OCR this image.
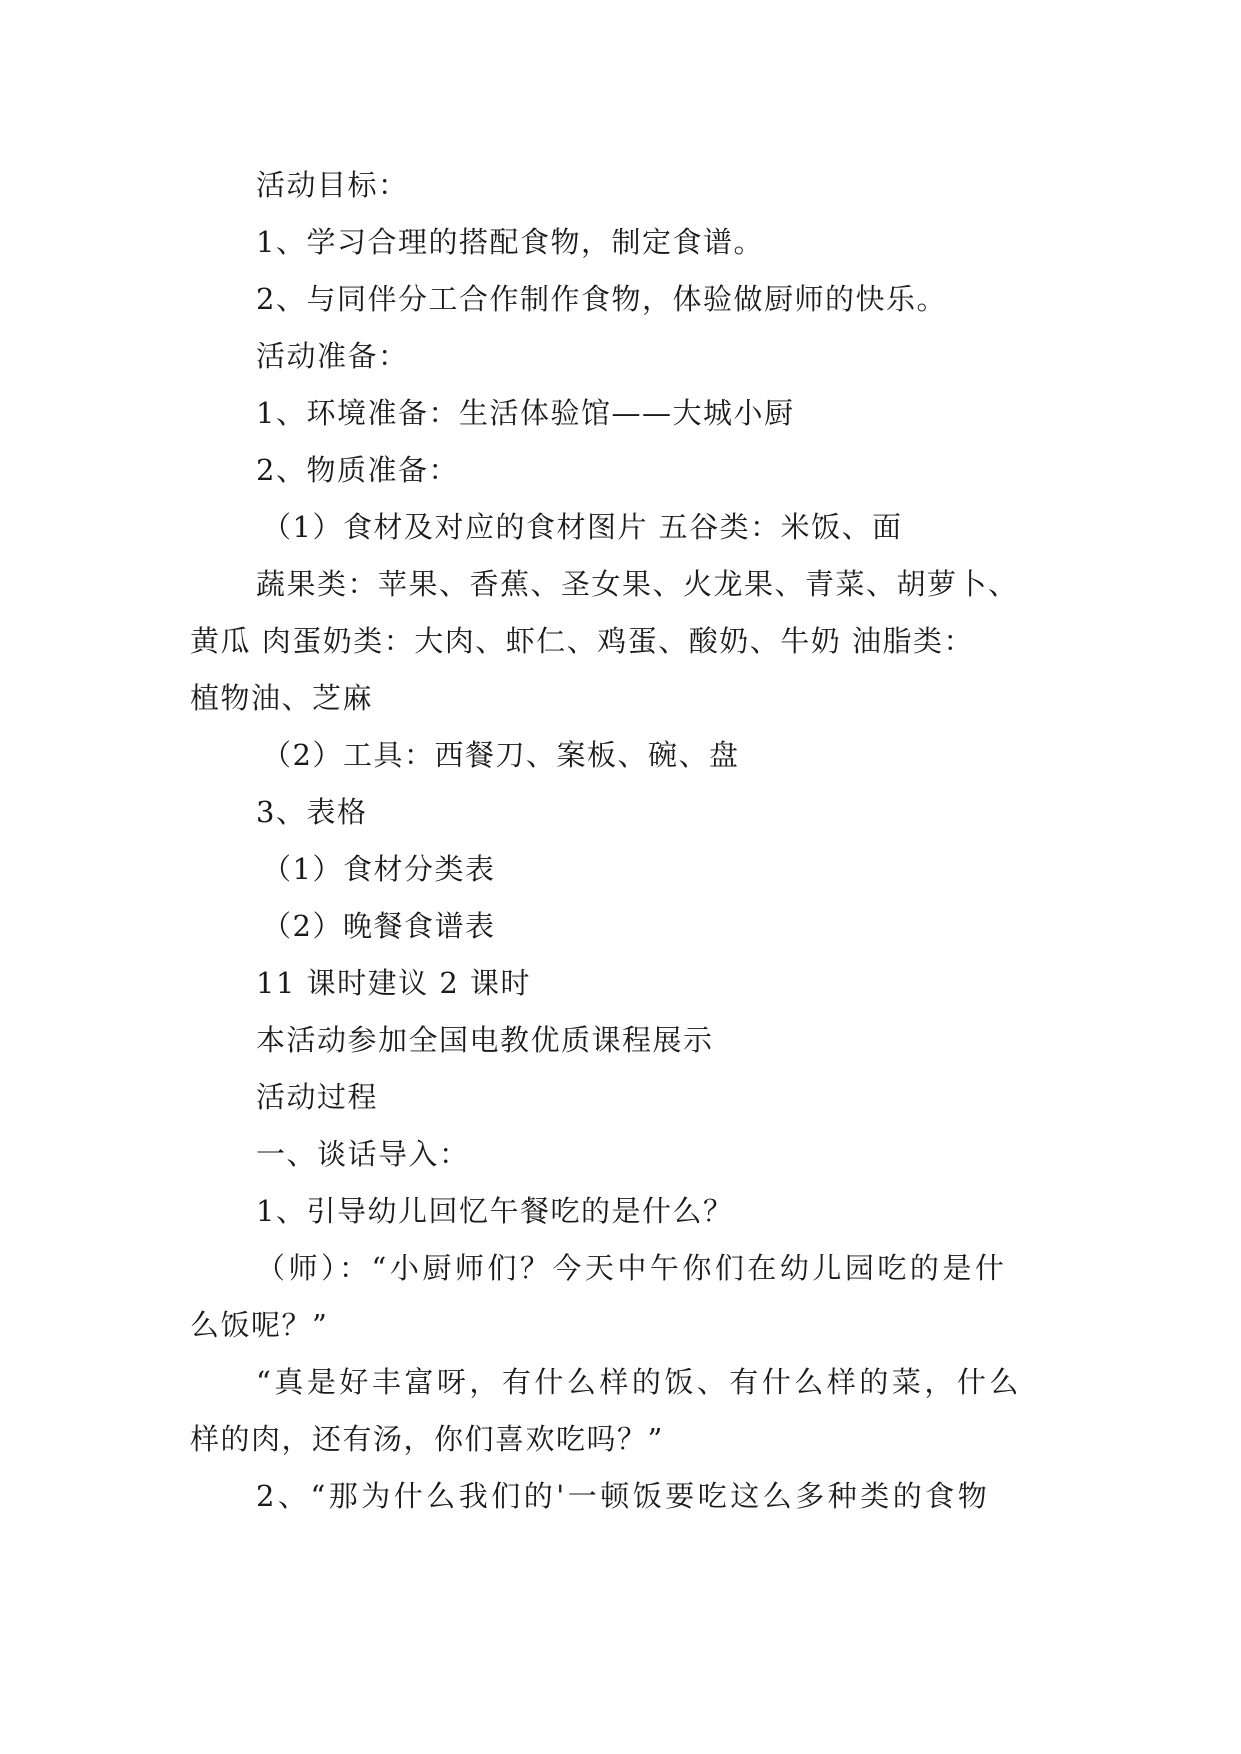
活动目标：
1、学习合理的搭配食物，制定食谱。
2、与同伴分工合作制作食物，体验做厨师的快乐。
活动准备：
1、环境准备：生活体验馆——大城小厨
2、物质准备：
（1）食材及对应的食材图片 五谷类：米饭、面
蔬果类：苹果、香蕉、圣女果、火龙果、青菜、胡萝卜、
黄瓜 肉蛋奶类：大肉、虾仁、鸡蛋、酸奶、牛奶 油脂类：
植物油、芝麻
（2）工具：西餐刀、案板、碗、盘
3、表格
（1）食材分类表
（2）晚餐食谱表
11 课时建议 2 课时
本活动参加全国电教优质课程展示
活动过程
一、谈话导入：
1、引导幼儿回忆午餐吃的是什么？
（师）：“小厨师们？今天中午你们在幼儿园吃的是什
么饭呢？”
“真是好丰富呀，有什么样的饭、有什么样的菜，什么
样的肉，还有汤，你们喜欢吃吗？”
2、“那为什么我们的'一顿饭要吃这么多种类的食物
